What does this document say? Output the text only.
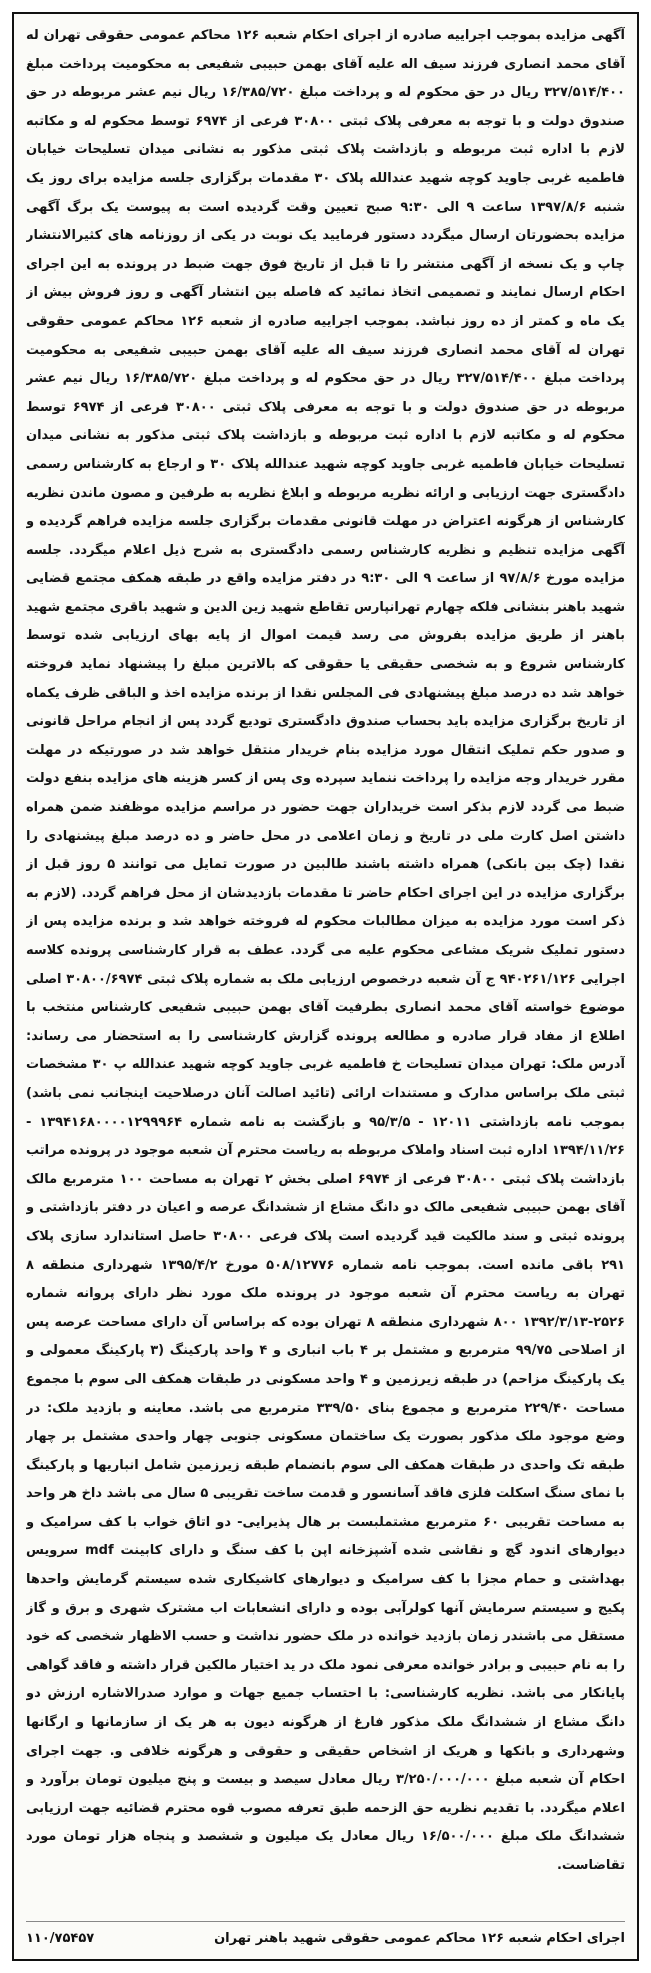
آگهی مزایده بموجب اجراییه صادره از اجرای احکام شعبه ۱۲۶ محاکم عمومی حقوقی تهران له آقای محمد انصاری فرزند سیف اله علیه آقای بهمن حبیبی شفیعی به محکومیت پرداخت مبلغ ۳۲۷/۵۱۴/۴۰۰ ریال در حق محکوم له و پرداخت مبلغ ۱۶/۳۸۵/۷۲۰ ریال نیم عشر مربوطه در حق صندوق دولت و با توجه به معرفی پلاک ثبتی ۳۰۸۰۰ فرعی از ۶۹۷۴ توسط محکوم له و مکاتبه لازم با اداره ثبت مربوطه و بازداشت پلاک ثبتی مذکور به نشانی میدان تسلیحات خیابان فاطمیه غربی جاوید کوچه شهید عندالله پلاک ۳۰ مقدمات برگزاری جلسه مزایده برای روز یک شنبه ۱۳۹۷/۸/۶ ساعت ۹ الی ۹:۳۰ صبح تعیین وقت گردیده است به پیوست یک برگ آگهی مزایده بحضورتان ارسال میگردد دستور فرمایید یک نوبت در یکی از روزنامه های کثیرالانتشار چاپ و یک نسخه از آگهی منتشر را تا قبل از تاریخ فوق جهت ضبط در پرونده به این اجرای احکام ارسال نمایند و تصمیمی اتخاذ نمائید که فاصله بین انتشار آگهی و روز فروش بیش از یک ماه و کمتر از ده روز نباشد. بموجب اجراییه صادره از شعبه ۱۲۶ محاکم عمومی حقوقی تهران له آقای محمد انصاری فرزند سیف اله علیه آقای بهمن حبیبی شفیعی به محکومیت پرداخت مبلغ ۳۲۷/۵۱۴/۴۰۰ ریال در حق محکوم له و پرداخت مبلغ ۱۶/۳۸۵/۷۲۰ ریال نیم عشر مربوطه در حق صندوق دولت و با توجه به معرفی پلاک ثبتی ۳۰۸۰۰ فرعی از ۶۹۷۴ توسط محکوم له و مکاتبه لازم با اداره ثبت مربوطه و بازداشت پلاک ثبتی مذکور به نشانی میدان تسلیحات خیابان فاطمیه غربی جاوید کوچه شهید عندالله پلاک ۳۰ و ارجاع به کارشناس رسمی دادگستری جهت ارزیابی و ارائه نظریه مربوطه و ابلاغ نظریه به طرفین و مصون ماندن نظریه کارشناس از هرگونه اعتراض در مهلت قانونی مقدمات برگزاری جلسه مزایده فراهم گردیده و آگهی مزایده تنظیم و نظریه کارشناس رسمی دادگستری به شرح ذیل اعلام میگردد. جلسه مزایده مورخ ۹۷/۸/۶ از ساعت ۹ الی ۹:۳۰ در دفتر مزایده واقع در طبقه همکف مجتمع قضایی شهید باهنر بنشانی فلکه چهارم تهرانپارس تقاطع شهید زین الدین و شهید باقری مجتمع شهید باهنر از طریق مزایده بفروش می رسد قیمت اموال از پایه بهای ارزیابی شده توسط کارشناس شروع و به شخصی حقیقی یا حقوقی که بالاترین مبلغ را پیشنهاد نماید فروخته خواهد شد ده درصد مبلغ پیشنهادی فی المجلس نقدا از برنده مزایده اخذ و الباقی ظرف یکماه از تاریخ برگزاری مزایده باید بحساب صندوق دادگستری تودیع گردد پس از انجام مراحل قانونی و صدور حکم تملیک انتقال مورد مزایده بنام خریدار منتقل خواهد شد در صورتیکه در مهلت مقرر خریدار وجه مزایده را پرداخت ننماید سپرده وی پس از کسر هزینه های مزایده بنفع دولت ضبط می گردد لازم بذکر است خریداران جهت حضور در مراسم مزایده موظفند ضمن همراه داشتن اصل کارت ملی در تاریخ و زمان اعلامی در محل حاضر و ده درصد مبلغ پیشنهادی را نقدا (چک بین بانکی) همراه داشته باشند طالبین در صورت تمایل می توانند ۵ روز قبل از برگزاری مزایده در این اجرای احکام حاضر تا مقدمات بازدیدشان از محل فراهم گردد. (لازم به ذکر است مورد مزایده به میزان مطالبات محکوم له فروخته خواهد شد و برنده مزایده پس از دستور تملیک شریک مشاعی محکوم علیه می گردد. عطف به قرار کارشناسی پرونده کلاسه اجرایی ۹۴۰۲۶۱/۱۲۶ ج آن شعبه درخصوص ارزیابی ملک به شماره پلاک ثبتی ۳۰۸۰۰/۶۹۷۴ اصلی موضوع خواسته آقای محمد انصاری بطرفیت آقای بهمن حبیبی شفیعی کارشناس منتخب با اطلاع از مفاد قرار صادره و مطالعه پرونده گزارش کارشناسی را به استحضار می رساند: آدرس ملک: تهران میدان تسلیحات خ فاطمیه غربی جاوید کوچه شهید عندالله پ ۳۰ مشخصات ثبتی ملک براساس مدارک و مستندات ارائی (تائید اصالت آنان درصلاحیت اینجانب نمی باشد) بموجب نامه بازداشتی ۱۲۰۱۱ - ۹۵/۳/۵ و بازگشت به نامه شماره ۱۳۹۴۱۶۸۰۰۰۰۱۲۹۹۹۶۴ - ۱۳۹۴/۱۱/۲۶ اداره ثبت اسناد واملاک مربوطه به ریاست محترم آن شعبه موجود در پرونده مراتب بازداشت پلاک ثبتی ۳۰۸۰۰ فرعی از ۶۹۷۴ اصلی بخش ۲ تهران به مساحت ۱۰۰ مترمربع مالک آقای بهمن حبیبی شفیعی مالک دو دانگ مشاع از ششدانگ عرصه و اعیان در دفتر بازداشتی و پرونده ثبتی و سند مالکیت قید گردیده است پلاک فرعی ۳۰۸۰۰ حاصل استاندارد سازی پلاک ۲۹۱ باقی مانده است. بموجب نامه شماره ۵۰۸/۱۲۷۷۶ مورخ ۱۳۹۵/۴/۲ شهرداری منطقه ۸ تهران به ریاست محترم آن شعبه موجود در پرونده ملک مورد نظر دارای پروانه شماره ۲۵۲۶-۱۳۹۲/۳/۱۳ ۸۰۰ شهرداری منطقه ۸ تهران بوده که براساس آن دارای مساحت عرصه پس از اصلاحی ۹۹/۷۵ مترمربع و مشتمل بر ۴ باب انباری و ۴ واحد پارکینگ (۳ پارکینگ معمولی و یک پارکینگ مزاحم) در طبقه زیرزمین و ۴ واحد مسکونی در طبقات همکف الی سوم با مجموع مساحت ۲۲۹/۴۰ مترمربع و مجموع بنای ۳۳۹/۵۰ مترمربع می باشد. معاینه و بازدید ملک: در وضع موجود ملک مذکور بصورت یک ساختمان مسکونی جنوبی چهار واحدی مشتمل بر چهار طبقه تک واحدی در طبقات همکف الی سوم بانضمام طبقه زیرزمین شامل انباریها و پارکینگ با نمای سنگ اسکلت فلزی فاقد آسانسور و قدمت ساخت تقریبی ۵ سال می باشد داخ هر واحد به مساحت تقریبی ۶۰ مترمربع مشتملبست بر هال پذیرایی- دو اتاق خواب با کف سرامیک و دیوارهای اندود گچ و نقاشی شده آشپزخانه اپن با کف سنگ و دارای کابینت mdf سرویس بهداشتی و حمام مجزا با کف سرامیک و دیوارهای کاشیکاری شده سیستم گرمایش واحدها پکیج و سیستم سرمایش آنها کولرآبی بوده و دارای انشعابات اب مشترک شهری و برق و گاز مستقل می باشندر زمان بازدید خوانده در ملک حضور نداشت و حسب الاظهار شخصی که خود را به نام حبیبی و برادر خوانده معرفی نمود ملک در ید اختیار مالکین قرار داشته و فاقد گواهی پایانکار می باشد. نظریه کارشناسی: با احتساب جمیع جهات و موارد صدرالاشاره ارزش دو دانگ مشاع از ششدانگ ملک مذکور فارغ از هرگونه دیون به هر یک از سازمانها و ارگانها وشهرداری و بانکها و هریک از اشخاص حقیقی و حقوقی و هرگونه خلافی و. جهت اجرای احکام آن شعبه مبلغ ۳/۲۵۰/۰۰۰/۰۰۰ ریال معادل سیصد و بیست و پنج میلیون تومان برآورد و اعلام میگردد. با تقدیم نظریه حق الزحمه طبق تعرفه مصوب قوه محترم قضائیه جهت ارزیابی ششدانگ ملک مبلغ ۱۶/۵۰۰/۰۰۰ ریال معادل یک میلیون و ششصد و پنجاه هزار تومان مورد تقاضاست.
اجرای احکام شعبه ۱۲۶ محاکم عمومی حقوقی شهید باهنر تهران
۱۱۰/۷۵۴۵۷
